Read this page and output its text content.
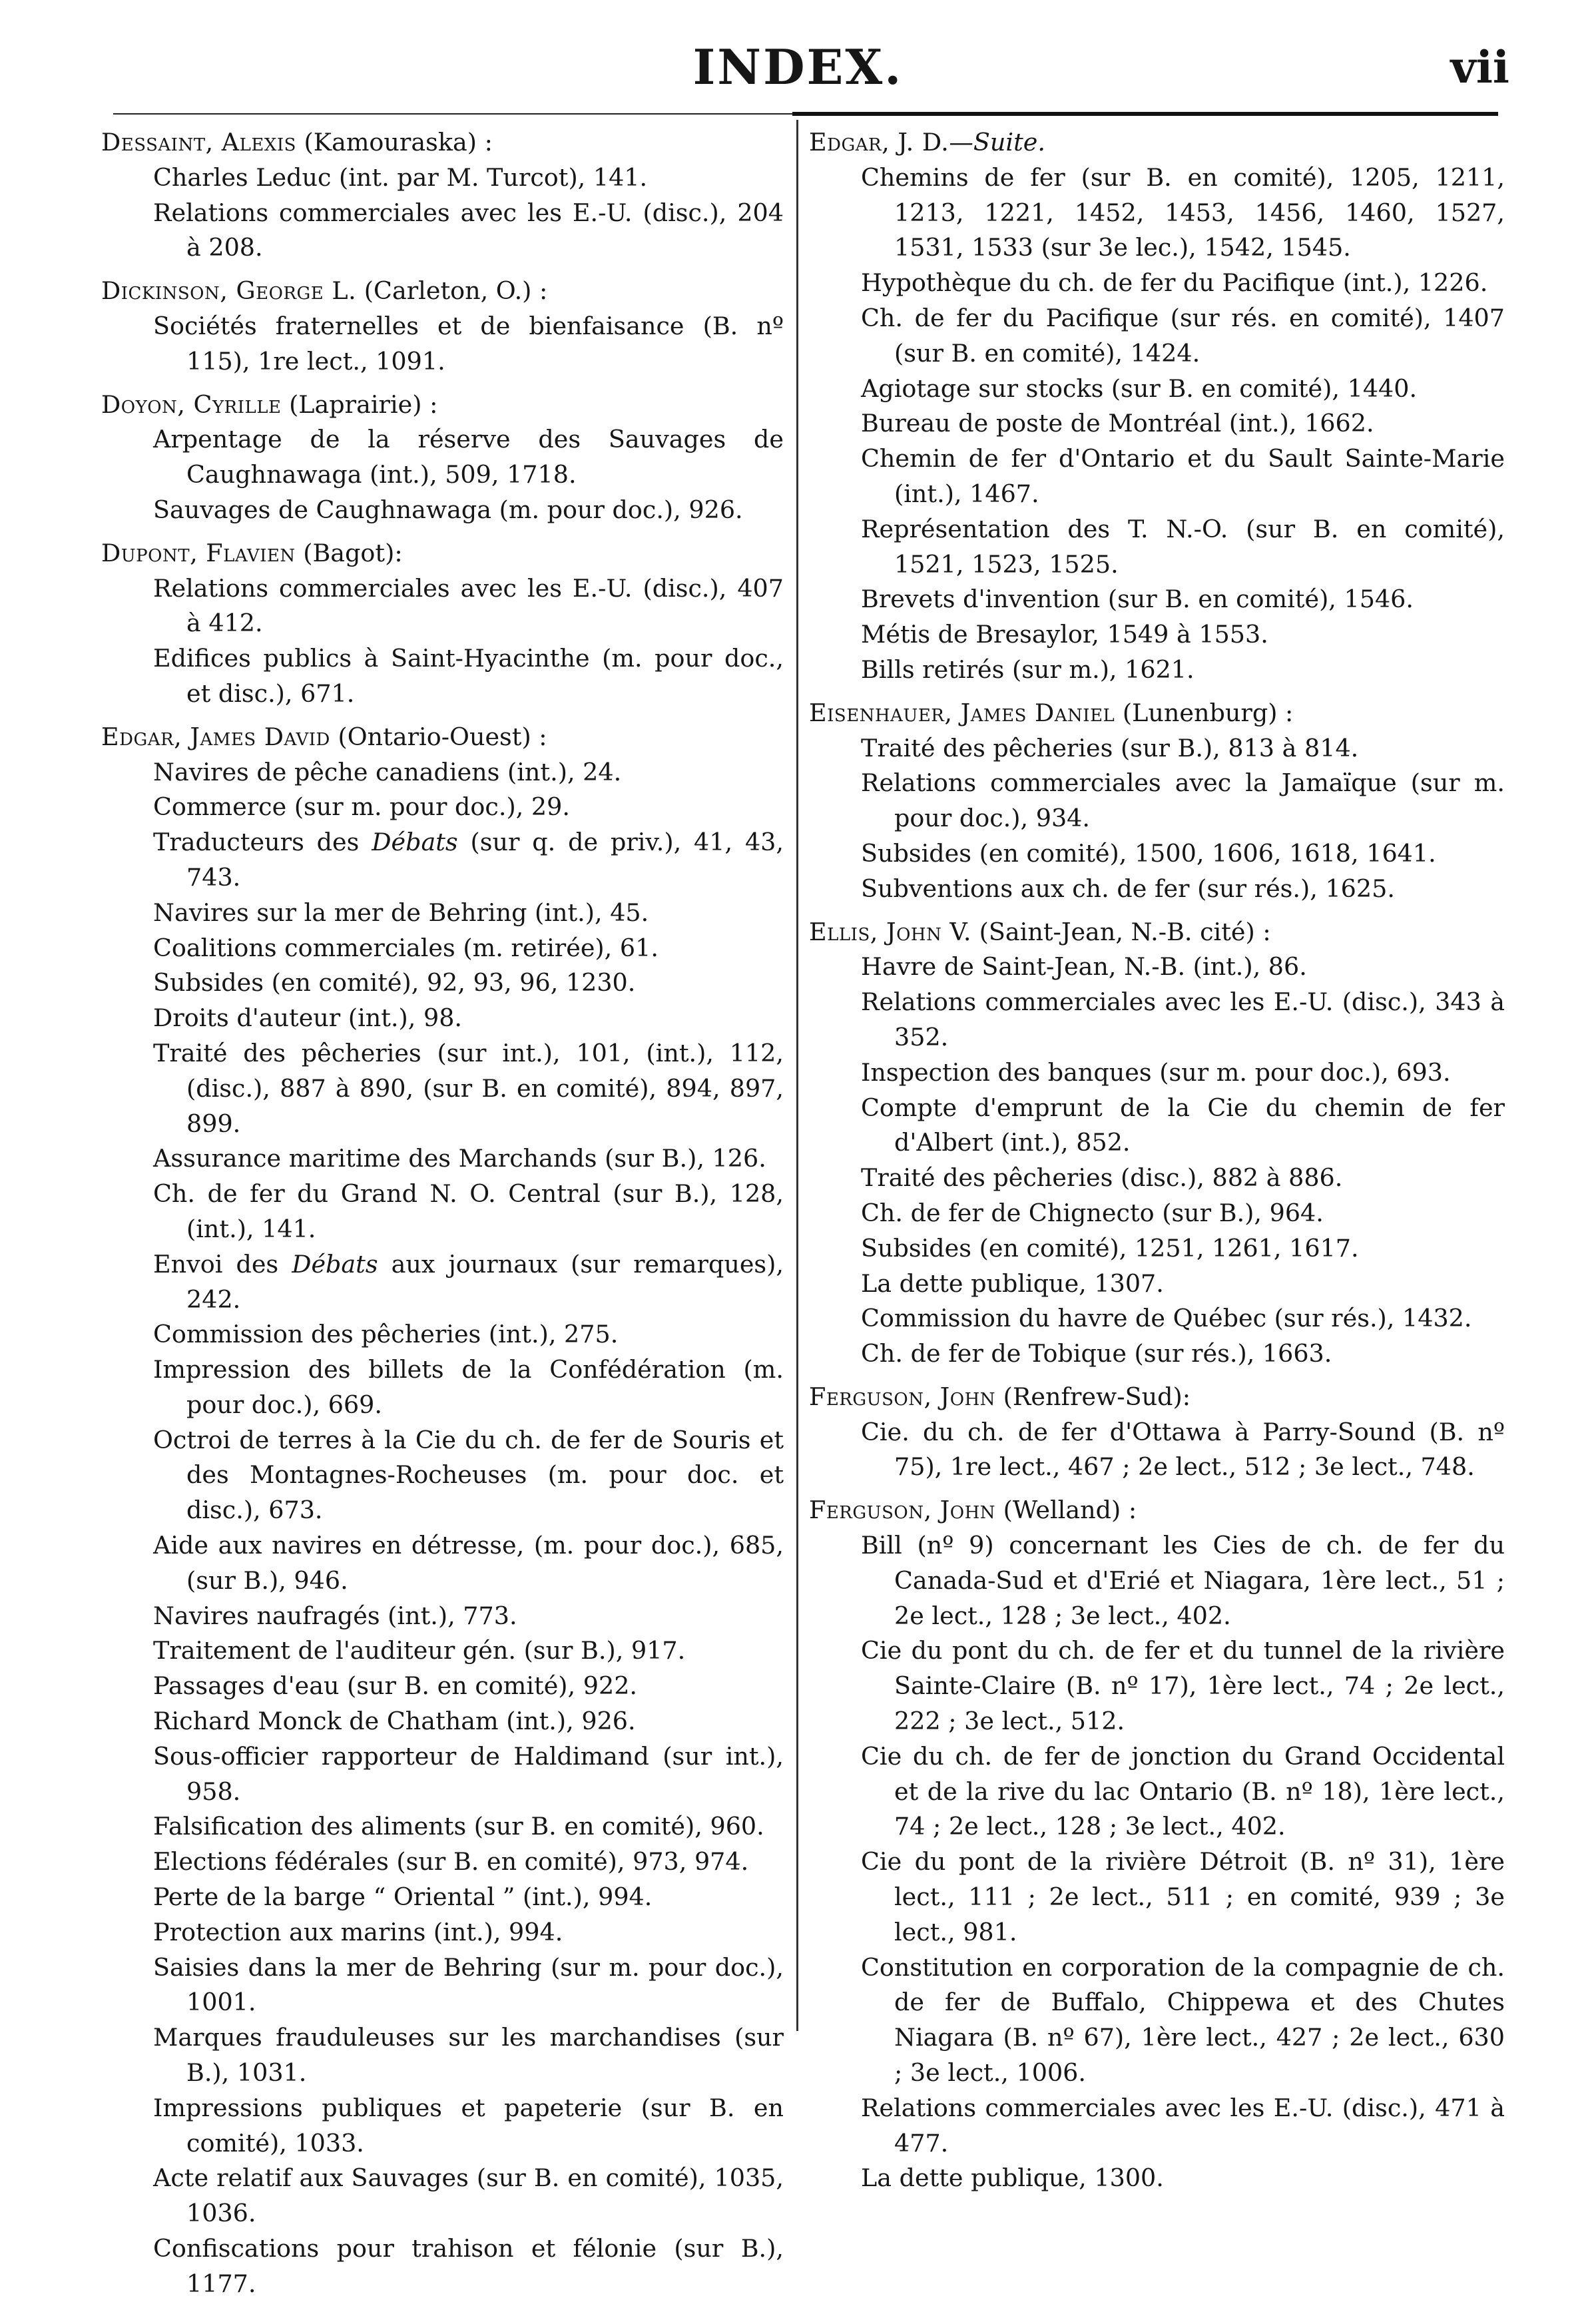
INDEX.	vii

Dessaint, Alexis (Kamouraska) :

Charles Leduc (int. par M. Turcot), 141.

Relations commerciales avec les E.-U. (disc.), 204 à 208.

Dickinson, George L. (Carleton, O.) :

Sociétés fraternelles et de bienfaisance (B. nº 115), 1re lect., 1091.

Doyon, Cyrille (Laprairie) :

Arpentage de la réserve des Sauvages de Caughnawaga (int.), 509, 1718.

Sauvages de Caughnawaga (m. pour doc.), 926.

Dupont, Flavien (Bagot):

Relations commerciales avec les E.-U. (disc.), 407 à 412.

Edifices publics à Saint-Hyacinthe (m. pour doc., et disc.), 671.

Edgar, James David (Ontario-Ouest) :

Navires de pêche canadiens (int.), 24.

Commerce (sur m. pour doc.), 29.

Traducteurs des Débats (sur q. de priv.), 41, 43, 743.

Navires sur la mer de Behring (int.), 45.

Coalitions commerciales (m. retirée), 61.

Subsides (en comité), 92, 93, 96, 1230.

Droits d'auteur (int.), 98.

Traité des pêcheries (sur int.), 101, (int.), 112, (disc.), 887 à 890, (sur B. en comité), 894, 897, 899.

Assurance maritime des Marchands (sur B.), 126.

Ch. de fer du Grand N. O. Central (sur B.), 128, (int.), 141.

Envoi des Débats aux journaux (sur remarques), 242.

Commission des pêcheries (int.), 275.

Impression des billets de la Confédération (m. pour doc.), 669.

Octroi de terres à la Cie du ch. de fer de Souris et des Montagnes-Rocheuses (m. pour doc. et disc.), 673.

Aide aux navires en détresse, (m. pour doc.), 685, (sur B.), 946.

Navires naufragés (int.), 773.

Traitement de l'auditeur gén. (sur B.), 917.

Passages d'eau (sur B. en comité), 922.

Richard Monck de Chatham (int.), 926.

Sous-officier rapporteur de Haldimand (sur int.), 958.

Falsification des aliments (sur B. en comité), 960.

Elections fédérales (sur B. en comité), 973, 974.

Perte de la barge “ Oriental ” (int.), 994.

Protection aux marins (int.), 994.

Saisies dans la mer de Behring (sur m. pour doc.), 1001.

Marques frauduleuses sur les marchandises (sur B.), 1031.

Impressions publiques et papeterie (sur B. en comité), 1033.

Acte relatif aux Sauvages (sur B. en comité), 1035, 1036.

Confiscations pour trahison et félonie (sur B.), 1177.

Edgar, J. D.—Suite.

Chemins de fer (sur B. en comité), 1205, 1211, 1213, 1221, 1452, 1453, 1456, 1460, 1527, 1531, 1533 (sur 3e lec.), 1542, 1545.

Hypothèque du ch. de fer du Pacifique (int.), 1226.

Ch. de fer du Pacifique (sur rés. en comité), 1407 (sur B. en comité), 1424.

Agiotage sur stocks (sur B. en comité), 1440.

Bureau de poste de Montréal (int.), 1662.

Chemin de fer d'Ontario et du Sault Sainte-Marie (int.), 1467.

Représentation des T. N.-O. (sur B. en comité), 1521, 1523, 1525.

Brevets d'invention (sur B. en comité), 1546.

Métis de Bresaylor, 1549 à 1553.

Bills retirés (sur m.), 1621.

Eisenhauer, James Daniel (Lunenburg) :

Traité des pêcheries (sur B.), 813 à 814.

Relations commerciales avec la Jamaïque (sur m. pour doc.), 934.

Subsides (en comité), 1500, 1606, 1618, 1641.

Subventions aux ch. de fer (sur rés.), 1625.

Ellis, John V. (Saint-Jean, N.-B. cité) :

Havre de Saint-Jean, N.-B. (int.), 86.

Relations commerciales avec les E.-U. (disc.), 343 à 352.

Inspection des banques (sur m. pour doc.), 693.

Compte d'emprunt de la Cie du chemin de fer d'Albert (int.), 852.

Traité des pêcheries (disc.), 882 à 886.

Ch. de fer de Chignecto (sur B.), 964.

Subsides (en comité), 1251, 1261, 1617.

La dette publique, 1307.

Commission du havre de Québec (sur rés.), 1432.

Ch. de fer de Tobique (sur rés.), 1663.

Ferguson, John (Renfrew-Sud):

Cie. du ch. de fer d'Ottawa à Parry-Sound (B. nº 75), 1re lect., 467 ; 2e lect., 512 ; 3e lect., 748.

Ferguson, John (Welland) :

Bill (nº 9) concernant les Cies de ch. de fer du Canada-Sud et d'Erié et Niagara, 1ère lect., 51 ; 2e lect., 128 ; 3e lect., 402.

Cie du pont du ch. de fer et du tunnel de la rivière Sainte-Claire (B. nº 17), 1ère lect., 74 ; 2e lect., 222 ; 3e lect., 512.

Cie du ch. de fer de jonction du Grand Occidental et de la rive du lac Ontario (B. nº 18), 1ère lect., 74 ; 2e lect., 128 ; 3e lect., 402.

Cie du pont de la rivière Détroit (B. nº 31), 1ère lect., 111 ; 2e lect., 511 ; en comité, 939 ; 3e lect., 981.

Constitution en corporation de la compagnie de ch. de fer de Buffalo, Chippewa et des Chutes Niagara (B. nº 67), 1ère lect., 427 ; 2e lect., 630 ; 3e lect., 1006.

Relations commerciales avec les E.-U. (disc.), 471 à 477.

La dette publique, 1300.
